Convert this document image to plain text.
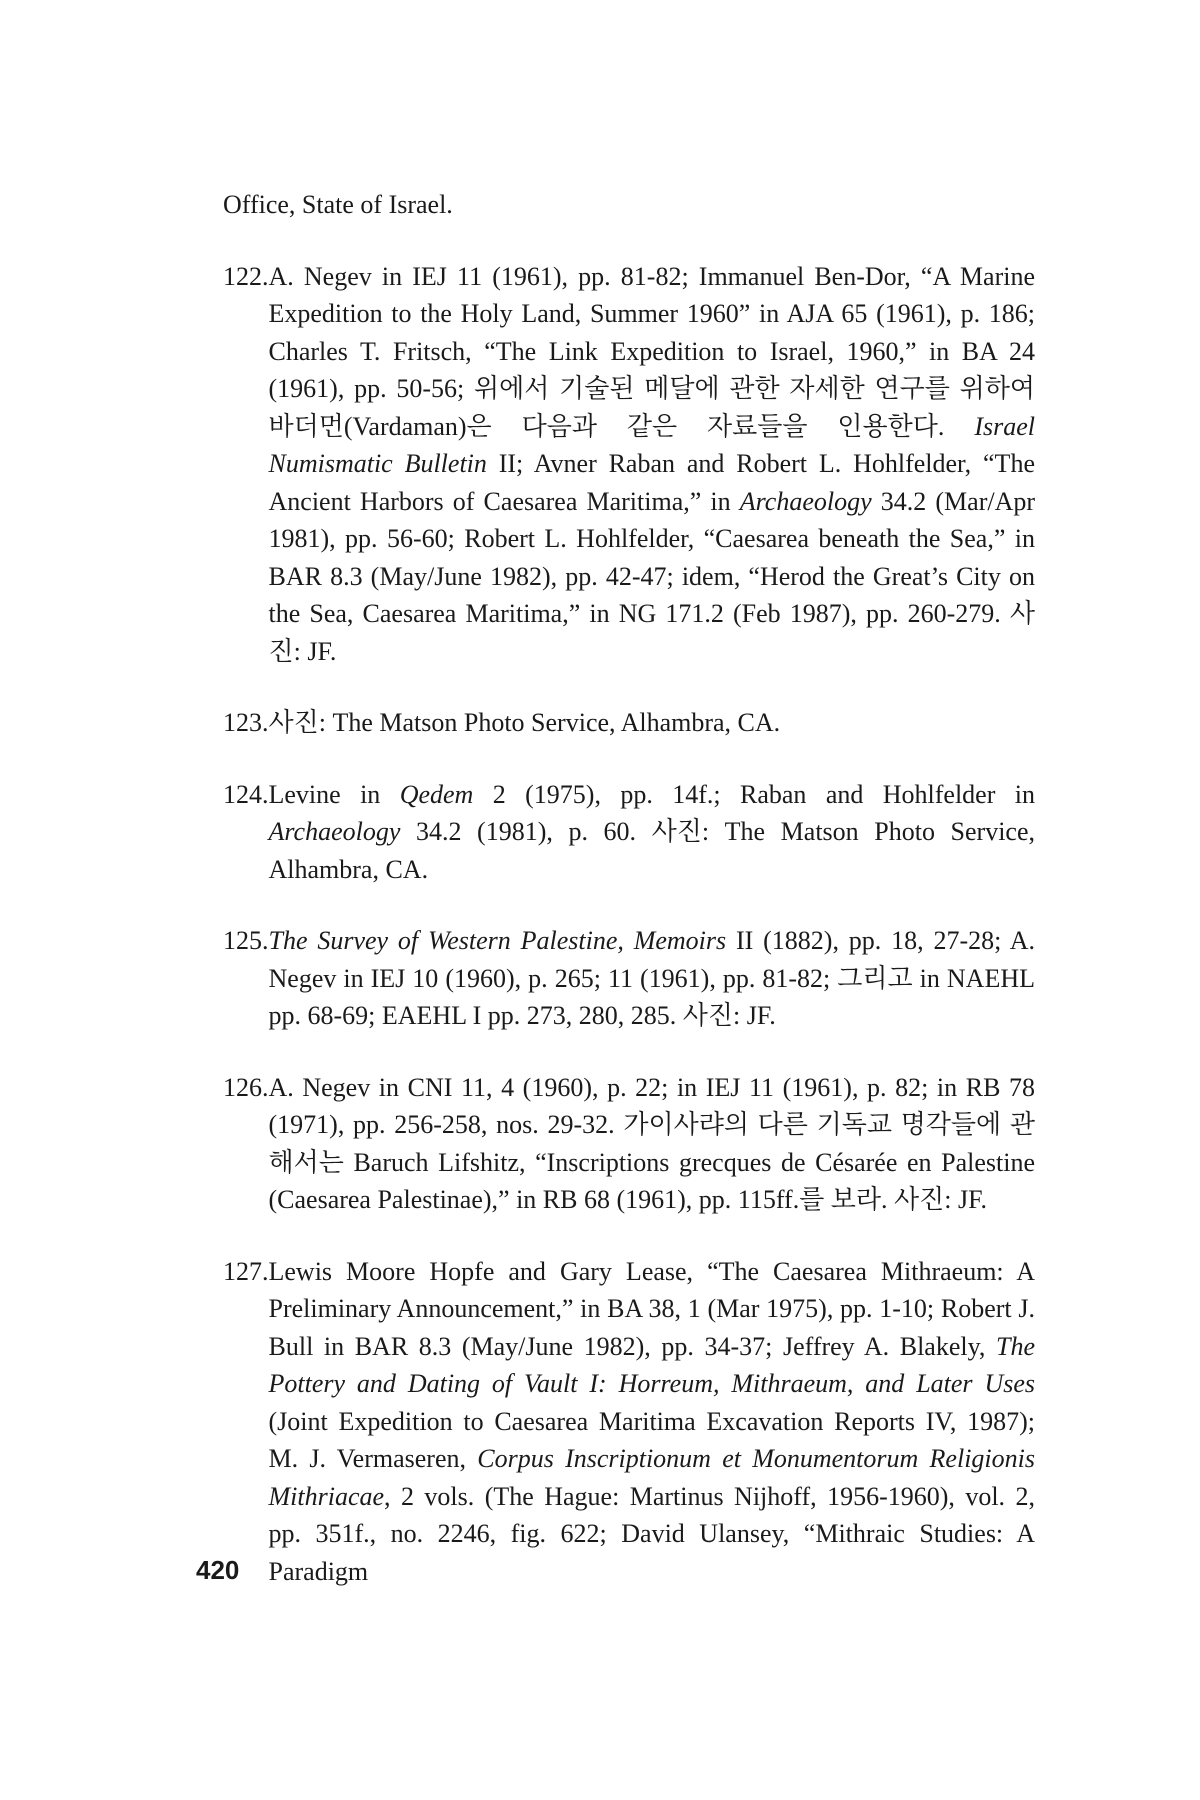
Office, State of Israel.

122. A. Negev in IEJ 11 (1961), pp. 81-82; Immanuel Ben-Dor, “A Marine Expedition to the Holy Land, Summer 1960” in AJA 65 (1961), p. 186; Charles T. Fritsch, “The Link Expedition to Israel, 1960,” in BA 24 (1961), pp. 50-56; 위에서 기술된 메달에 관한 자세한 연구를 위하여 바더먼(Vardaman)은 다음과 같은 자료들을 인용한다. Israel Numismatic Bulletin II; Avner Raban and Robert L. Hohlfelder, “The Ancient Harbors of Caesarea Maritima,” in Archaeology 34.2 (Mar/Apr 1981), pp. 56-60; Robert L. Hohlfelder, “Caesarea beneath the Sea,” in BAR 8.3 (May/June 1982), pp. 42-47; idem, “Herod the Great’s City on the Sea, Caesarea Maritima,” in NG 171.2 (Feb 1987), pp. 260-279. 사진: JF.
123. 사진: The Matson Photo Service, Alhambra, CA.
124. Levine in Qedem 2 (1975), pp. 14f.; Raban and Hohlfelder in Archaeology 34.2 (1981), p. 60. 사진: The Matson Photo Service, Alhambra, CA.
125. The Survey of Western Palestine, Memoirs II (1882), pp. 18, 27-28; A. Negev in IEJ 10 (1960), p. 265; 11 (1961), pp. 81-82; 그리고 in NAEHL pp. 68-69; EAEHL I pp. 273, 280, 285. 사진: JF.
126. A. Negev in CNI 11, 4 (1960), p. 22; in IEJ 11 (1961), p. 82; in RB 78 (1971), pp. 256-258, nos. 29-32. 가이사랴의 다른 기독교 명각들에 관해서는 Baruch Lifshitz, “Inscriptions grecques de Césarée en Palestine (Caesarea Palestinae),” in RB 68 (1961), pp. 115ff.를 보라. 사진: JF.
127. Lewis Moore Hopfe and Gary Lease, “The Caesarea Mithraeum: A Preliminary Announcement,” in BA 38, 1 (Mar 1975), pp. 1-10; Robert J. Bull in BAR 8.3 (May/June 1982), pp. 34-37; Jeffrey A. Blakely, The Pottery and Dating of Vault I: Horreum, Mithraeum, and Later Uses (Joint Expedition to Caesarea Maritima Excavation Reports IV, 1987); M. J. Vermaseren, Corpus Inscriptionum et Monumentorum Religionis Mithriacae, 2 vols. (The Hague: Martinus Nijhoff, 1956-1960), vol. 2, pp. 351f., no. 2246, fig. 622; David Ulansey, “Mithraic Studies: A Paradigm
420
